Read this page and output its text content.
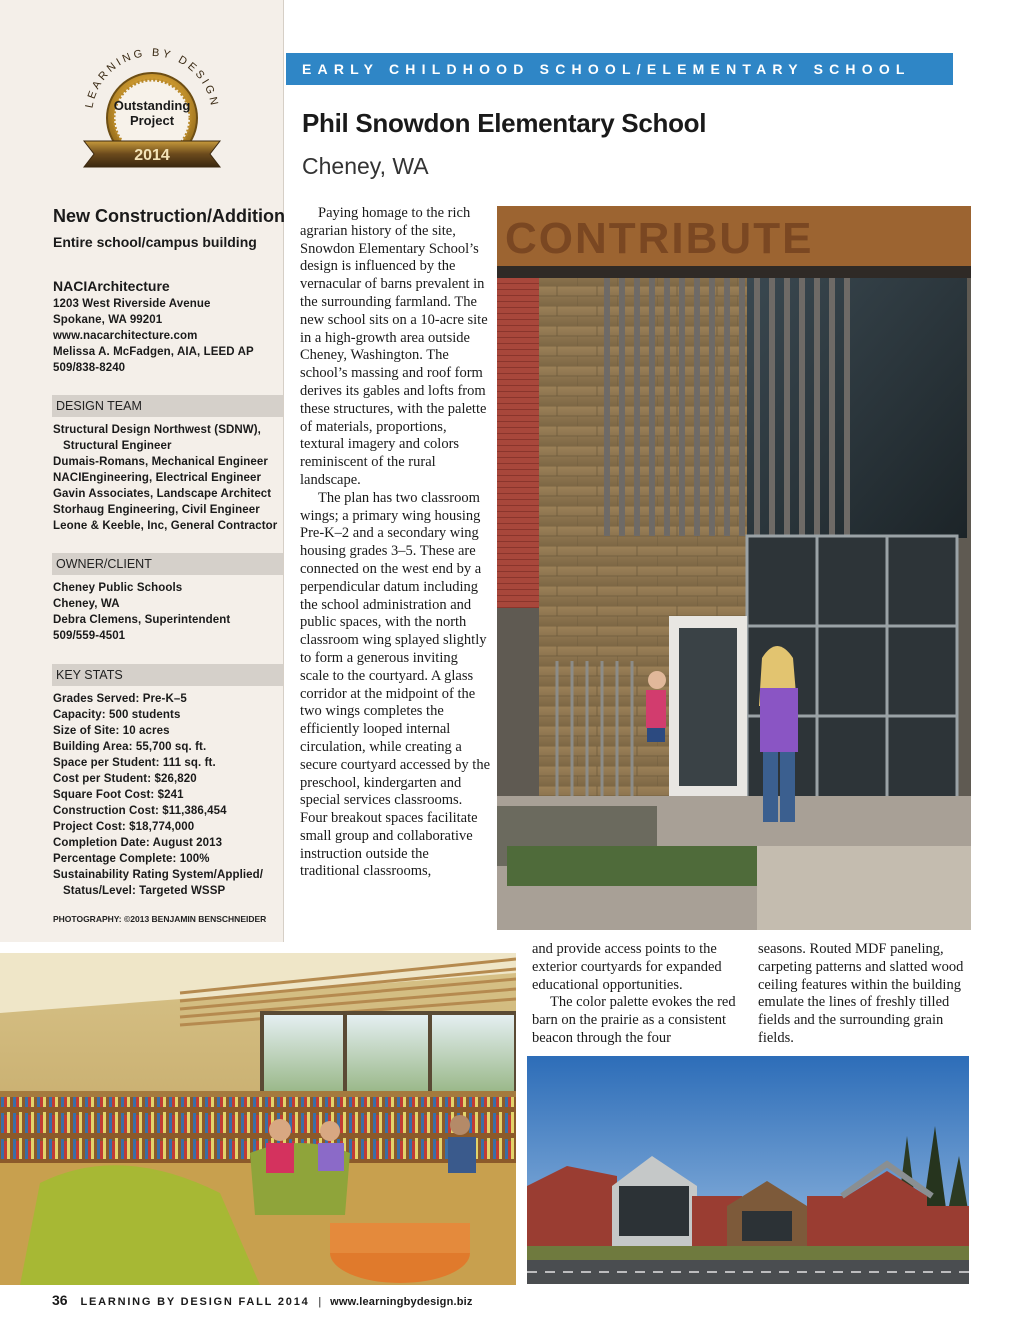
LEARNING BY DESIGN
Outstanding
Project
2014
New Construction/Addition
Entire school/campus building
NACIArchitecture
1203 West Riverside Avenue
Spokane, WA 99201
www.nacarchitecture.com
Melissa A. McFadgen, AIA, LEED AP
509/838-8240
DESIGN TEAM
Structural Design Northwest (SDNW),
Structural Engineer
Dumais-Romans, Mechanical Engineer
NACIEngineering, Electrical Engineer
Gavin Associates, Landscape Architect
Storhaug Engineering, Civil Engineer
Leone & Keeble, Inc, General Contractor
OWNER/CLIENT
Cheney Public Schools
Cheney, WA
Debra Clemens, Superintendent
509/559-4501
KEY STATS
Grades Served: Pre-K–5
Capacity: 500 students
Size of Site: 10 acres
Building Area: 55,700 sq. ft.
Space per Student: 111 sq. ft.
Cost per Student: $26,820
Square Foot Cost: $241
Construction Cost: $11,386,454
Project Cost: $18,774,000
Completion Date: August 2013
Percentage Complete: 100%
Sustainability Rating System/Applied/
Status/Level: Targeted WSSP
PHOTOGRAPHY: ©2013 BENJAMIN BENSCHNEIDER
EARLY CHILDHOOD SCHOOL/ELEMENTARY SCHOOL
Phil Snowdon Elementary School
Cheney, WA

Paying homage to the rich agrarian history of the site, Snowdon Elementary School’s design is influenced by the vernacular of barns prevalent in the surrounding farmland. The new school sits on a 10-acre site in a high-growth area outside Cheney, Washington. The school’s massing and roof form derives its gables and lofts from these structures, with the palette of materials, proportions, textural imagery and colors reminiscent of the rural landscape.

The plan has two classroom wings; a primary wing housing Pre-K–2 and a secondary wing housing grades 3–5. These are connected on the west end by a perpendicular datum including the school administration and public spaces, with the north classroom wing splayed slightly to form a generous inviting scale to the courtyard. A glass corridor at the midpoint of the two wings completes the efficiently looped internal circulation, while creating a secure courtyard accessed by the preschool, kindergarten and special services classrooms. Four breakout spaces facilitate small group and collaborative instruction outside the traditional classrooms,

CONTRIBUTE

and provide access points to the exterior courtyards for expanded educational opportunities.

The color palette evokes the red barn on the prairie as a consistent beacon through the four

seasons. Routed MDF paneling, carpeting patterns and slatted wood ceiling features within the building emulate the lines of freshly tilled fields and the surrounding grain fields.

36 LEARNING BY DESIGN FALL 2014 | www.learningbydesign.biz
